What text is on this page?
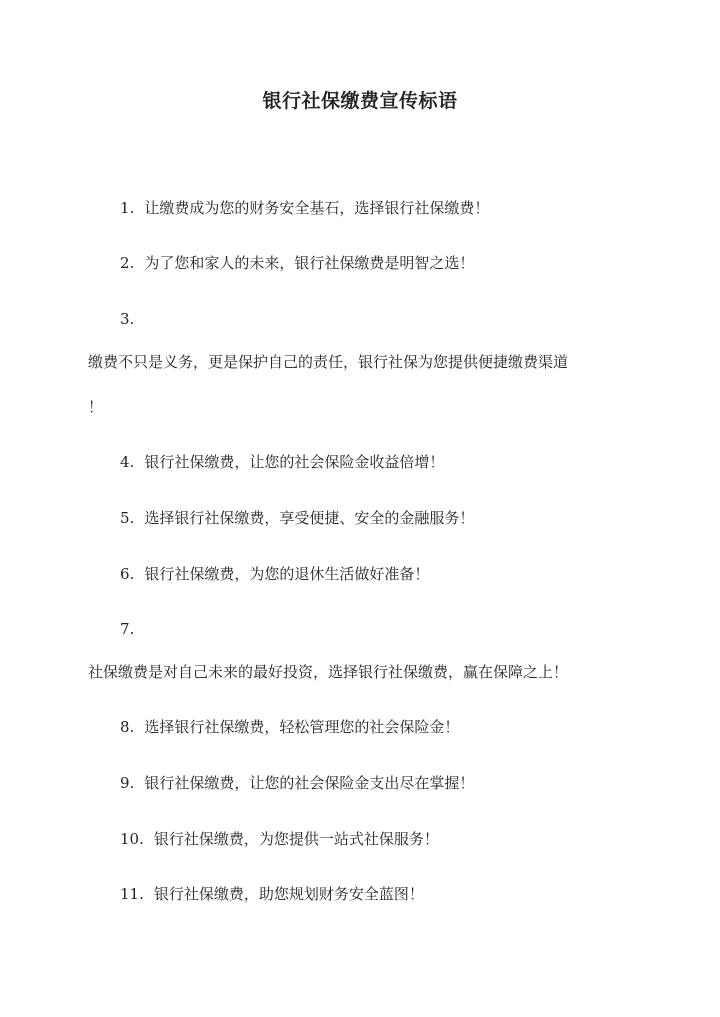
银行社保缴费宣传标语
1. 让缴费成为您的财务安全基石，选择银行社保缴费！
2. 为了您和家人的未来，银行社保缴费是明智之选！
3.
缴费不只是义务，更是保护自己的责任，银行社保为您提供便捷缴费渠道
！
4. 银行社保缴费，让您的社会保险金收益倍增！
5. 选择银行社保缴费，享受便捷、安全的金融服务！
6. 银行社保缴费，为您的退休生活做好准备！
7.
社保缴费是对自己未来的最好投资，选择银行社保缴费，赢在保障之上！
8. 选择银行社保缴费，轻松管理您的社会保险金！
9. 银行社保缴费，让您的社会保险金支出尽在掌握！
10. 银行社保缴费，为您提供一站式社保服务！
11. 银行社保缴费，助您规划财务安全蓝图！
